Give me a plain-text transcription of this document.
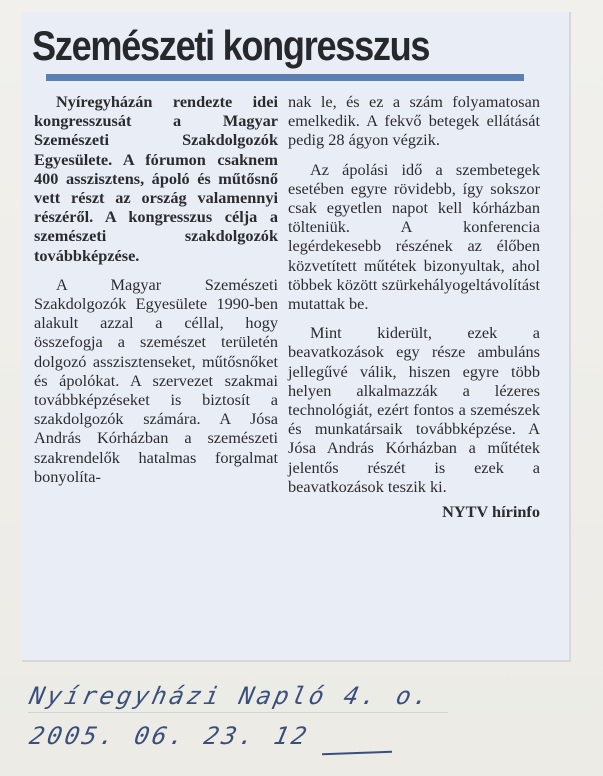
Szemészeti kongresszus

Nyíregyházán rendezte idei kongresszusát a Magyar Szemészeti Szakdolgozók Egyesülete. A fórumon csaknem 400 asszisztens, ápoló és műtősnő vett részt az ország valamennyi részéről. A kongresszus célja a szemészeti szakdolgozók továbbképzése.

A Magyar Szemészeti Szakdolgozók Egyesülete 1990-ben alakult azzal a céllal, hogy összefogja a szemészet területén dolgozó asszisztenseket, műtősnőket és ápolókat. A szervezet szakmai továbbképzéseket is biztosít a szakdolgozók számára. A Jósa András Kórházban a szemészeti szakrendelők hatalmas forgalmat bonyolíta-

nak le, és ez a szám folyamatosan emelkedik. A fekvő betegek ellátását pedig 28 ágyon végzik.

Az ápolási idő a szembetegek esetében egyre rövidebb, így sokszor csak egyetlen napot kell kórházban tölteniük. A konferencia legérdekesebb részének az élőben közvetített műtétek bizonyultak, ahol többek között szürkehályogeltávolítást mutattak be.

Mint kiderült, ezek a beavatkozások egy része ambuláns jellegűvé válik, hiszen egyre több helyen alkalmazzák a lézeres technológiát, ezért fontos a szemészek és munkatársaik továbbképzése. A Jósa András Kórházban a műtétek jelentős részét is ezek a beavatkozások teszik ki.

NYTV hírinfo

Nyíregyházi Napló 4. o.
2005. 06. 23. 12
